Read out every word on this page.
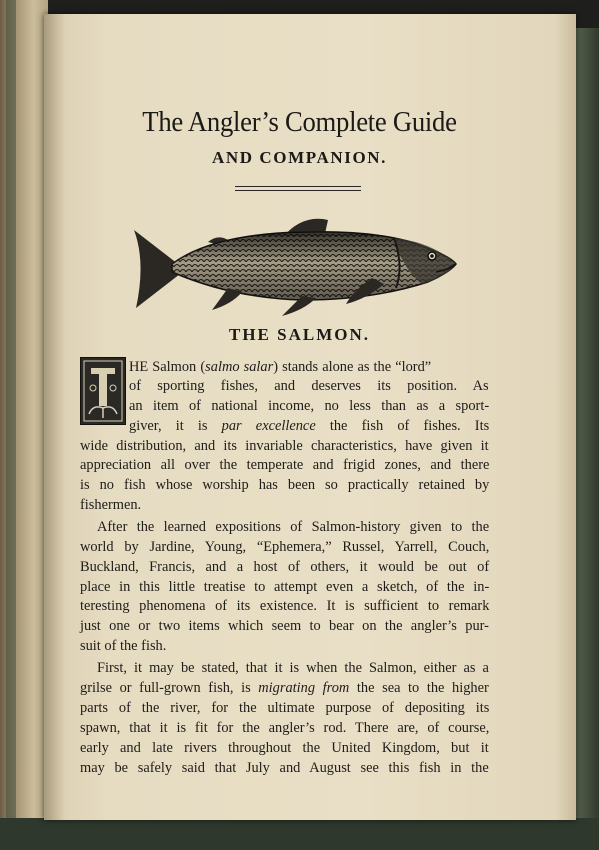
The Angler’s Complete Guide
AND COMPANION.
THE SALMON.
T
HE Salmon (salmo salar) stands alone as the “lord”
of sporting fishes, and deserves its position. As
an item of national income, no less than as a sport-
giver, it is par excellence the fish of fishes. Its
wide distribution, and its invariable characteristics, have given it
appreciation all over the temperate and frigid zones, and there
is no fish whose worship has been so practically retained by
fishermen.
After the learned expositions of Salmon-history given to the
world by Jardine, Young, “Ephemera,” Russel, Yarrell, Couch,
Buckland, Francis, and a host of others, it would be out of
place in this little treatise to attempt even a sketch, of the in-
teresting phenomena of its existence. It is sufficient to remark
just one or two items which seem to bear on the angler’s pur-
suit of the fish.
First, it may be stated, that it is when the Salmon, either as a
grilse or full-grown fish, is migrating from the sea to the higher
parts of the river, for the ultimate purpose of depositing its
spawn, that it is fit for the angler’s rod. There are, of course,
early and late rivers throughout the United Kingdom, but it
may be safely said that July and August see this fish in the
